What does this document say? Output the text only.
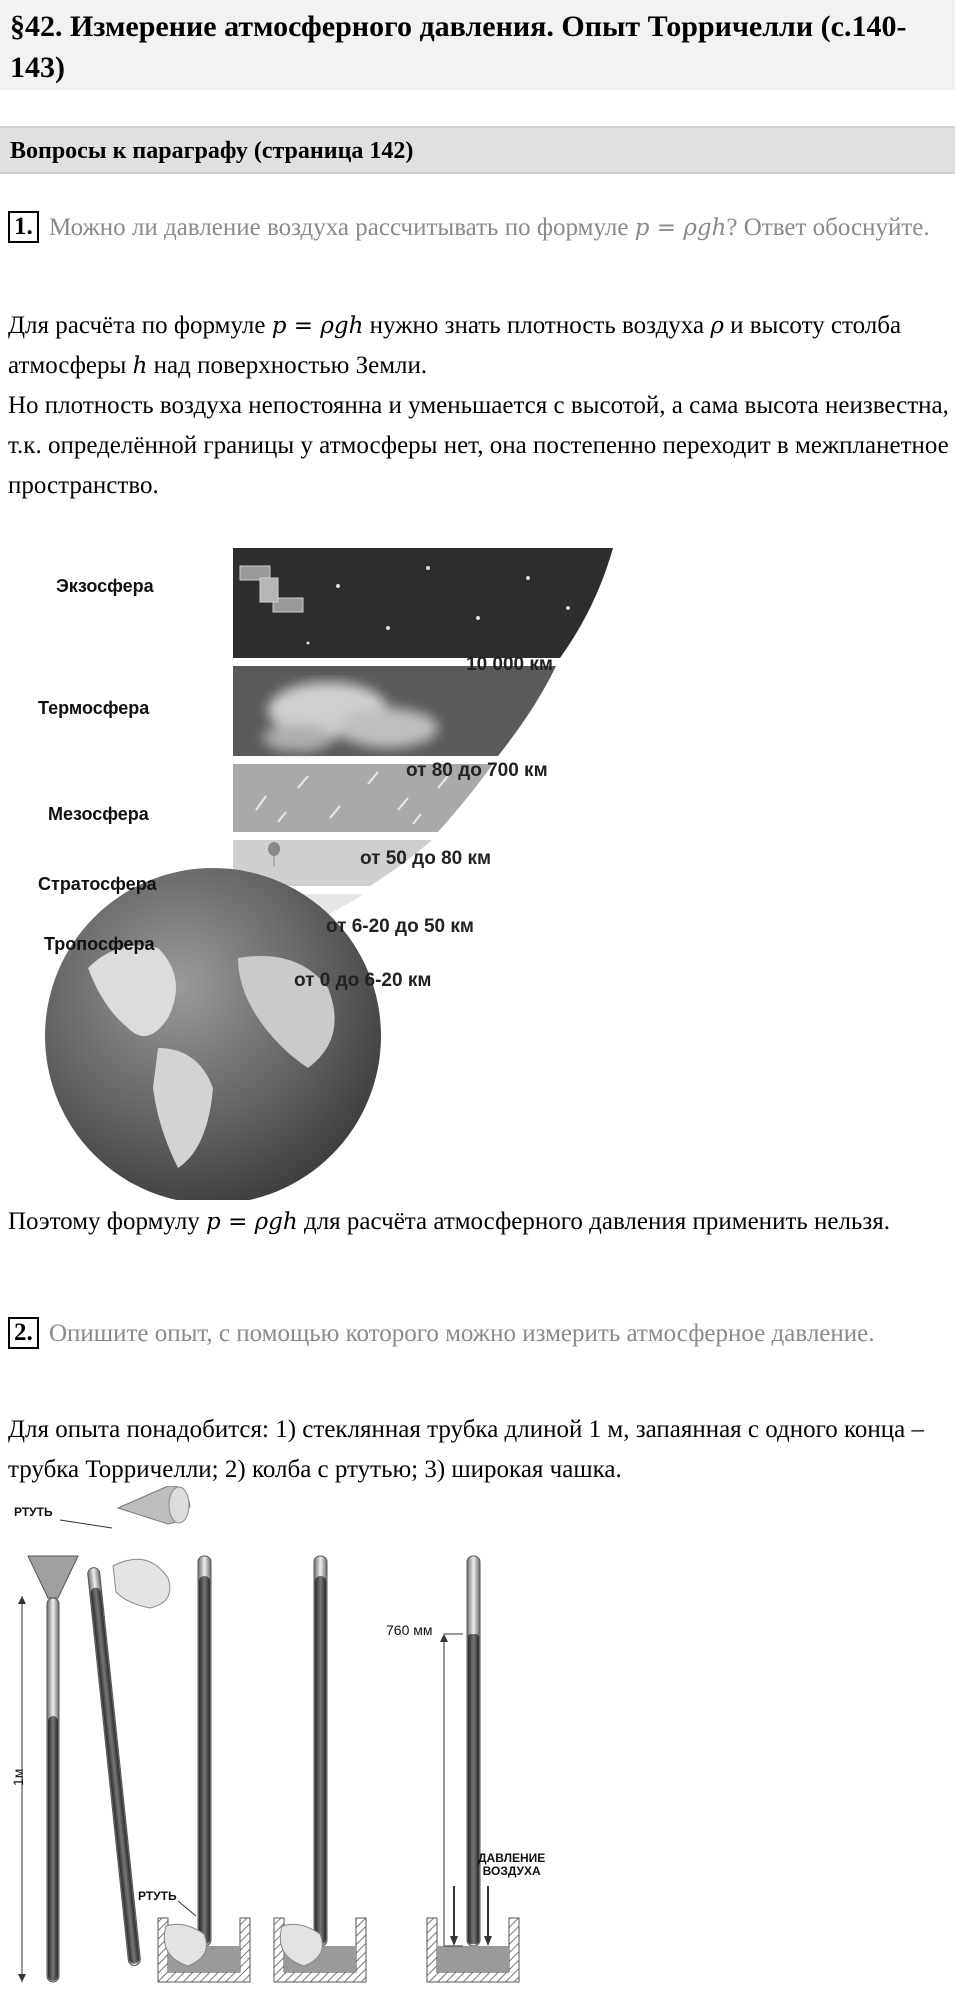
§42. Измерение атмосферного давления. Опыт Торричелли (с.140-143)
Вопросы к параграфу (страница 142)
1. Можно ли давление воздуха рассчитывать по формуле p = ρgh? Ответ обоснуйте.
Для расчёта по формуле p = ρgh нужно знать плотность воздуха ρ и высоту столба атмосферы h над поверхностью Земли.
Но плотность воздуха непостоянна и уменьшается с высотой, а сама высота неизвестна, т.к. определённой границы у атмосферы нет, она постепенно переходит в межпланетное пространство.
Экзосфера
10 000 км
Термосфера
от 80 до 700 км
Мезосфера
от 50 до 80 км
Стратосфера
от 6-20 до 50 км
Тропосфера
от 0 до 6-20 км
Поэтому формулу p = ρgh для расчёта атмосферного давления применить нельзя.
2. Опишите опыт, с помощью которого можно измерить атмосферное давление.
Для опыта понадобится: 1) стеклянная трубка длиной 1 м, запаянная с одного конца – трубка Торричелли; 2) колба с ртутью; 3) широкая чашка.
РТУТЬ
1м
РТУТЬ
760 мм
ДАВЛЕНИЕ
ВОЗДУХА
